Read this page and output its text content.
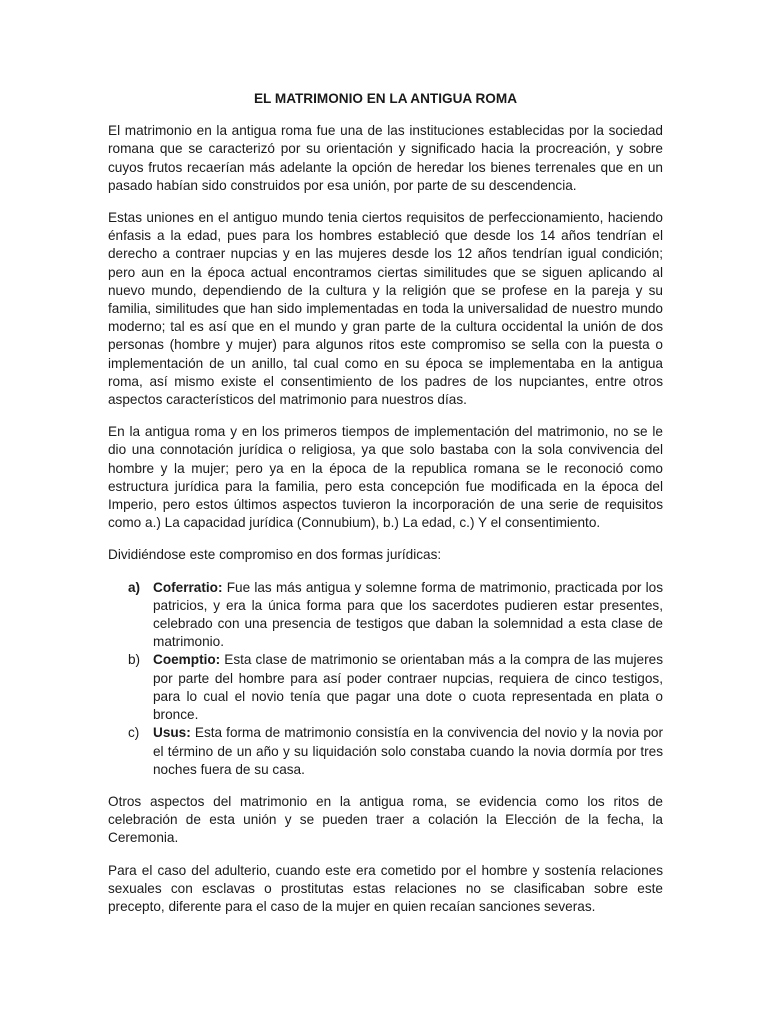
EL MATRIMONIO EN LA ANTIGUA ROMA

El matrimonio en la antigua roma fue una de las instituciones establecidas por la sociedad romana que se caracterizó por su orientación y significado hacia la procreación, y sobre cuyos frutos recaerían más adelante la opción de heredar los bienes terrenales que en un pasado habían sido construidos por esa unión, por parte de su descendencia.

Estas uniones en el antiguo mundo tenia ciertos requisitos de perfeccionamiento, haciendo énfasis a la edad, pues para los hombres estableció que desde los 14 años tendrían el derecho a contraer nupcias y en las mujeres desde los 12 años tendrían igual condición; pero aun en la época actual encontramos ciertas similitudes que se siguen aplicando al nuevo mundo, dependiendo de la cultura y la religión que se profese en la pareja y su familia, similitudes que han sido implementadas en toda la universalidad de nuestro mundo moderno; tal es así que en el mundo y gran parte de la cultura occidental la unión de dos personas (hombre y mujer) para algunos ritos este compromiso se sella con la puesta o implementación de un anillo, tal cual como en su época se implementaba en la antigua roma, así mismo existe el consentimiento de los padres de los nupciantes, entre otros aspectos característicos del matrimonio para nuestros días.

En la antigua roma y en los primeros tiempos de implementación del matrimonio, no se le dio una connotación jurídica o religiosa, ya que solo bastaba con la sola convivencia del hombre y la mujer; pero ya en la época de la republica romana se le reconoció como estructura jurídica para la familia, pero esta concepción fue modificada en la época del Imperio, pero estos últimos aspectos tuvieron la incorporación de una serie de requisitos como a.) La capacidad jurídica (Connubium), b.) La edad, c.) Y el consentimiento.

Dividiéndose este compromiso en dos formas jurídicas:

a) Coferratio: Fue las más antigua y solemne forma de matrimonio, practicada por los patricios, y era la única forma para que los sacerdotes pudieren estar presentes, celebrado con una presencia de testigos que daban la solemnidad a esta clase de matrimonio.
b) Coemptio: Esta clase de matrimonio se orientaban más a la compra de las mujeres por parte del hombre para así poder contraer nupcias, requiera de cinco testigos, para lo cual el novio tenía que pagar una dote o cuota representada en plata o bronce.
c) Usus: Esta forma de matrimonio consistía en la convivencia del novio y la novia por el término de un año y su liquidación solo constaba cuando la novia dormía por tres noches fuera de su casa.

Otros aspectos del matrimonio en la antigua roma, se evidencia como los ritos de celebración de esta unión y se pueden traer a colación la Elección de la fecha, la Ceremonia.

Para el caso del adulterio, cuando este era cometido por el hombre y sostenía relaciones sexuales con esclavas o prostitutas estas relaciones no se clasificaban sobre este precepto, diferente para el caso de la mujer en quien recaían sanciones severas.
